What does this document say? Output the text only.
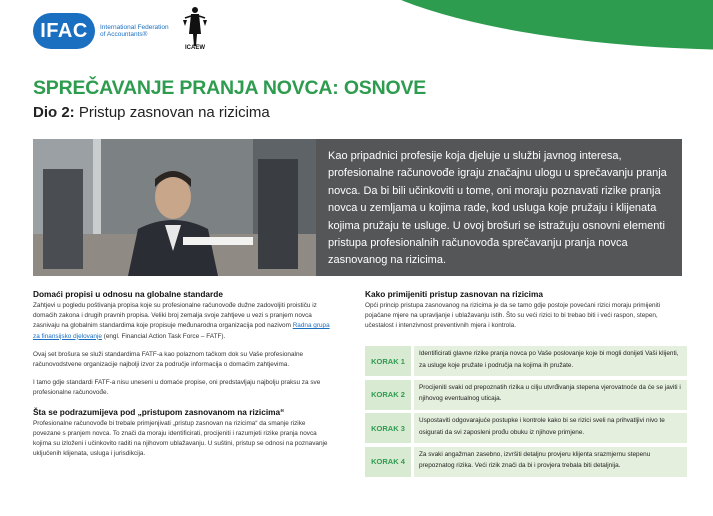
IFAC	International Federation of Accountants®
ICAEW
SPREČAVANJE PRANJA NOVCA: OSNOVE
Dio 2: Pristup zasnovan na rizicima
Kao pripadnici profesije koja djeluje u službi javnog interesa, profesionalne računovođe igraju značajnu ulogu u sprečavanju pranja novca. Da bi bili učinkoviti u tome, oni moraju poznavati rizike pranja novca u zemljama u kojima rade, kod usluga koje pružaju i klijenata kojima pružaju te usluge. U ovoj brošuri se istražuju osnovni elementi pristupa profesionalnih računovođa sprečavanju pranja novca zasnovanog na rizicima.
Domaći propisi u odnosu na globalne standarde
Zahtjevi u pogledu poštivanja propisa koje su profesionalne računovođe dužne zadovoljiti proističu iz domaćih zakona i drugih pravnih propisa. Veliki broj zemalja svoje zahtjeve u vezi s pranjem novca zasnivaju na globalnim standardima koje propisuje međunarodna organizacija pod nazivom Radna grupa za finansijsko djelovanje (engl. Financial Action Task Force – FATF).
Ovaj set brošura se služi standardima FATF-a kao polaznom tačkom dok su Vaše profesionalne računovodstvene organizacije najbolji izvor za područje informacija o domaćim zahtjevima.
I tamo gdje standardi FATF-a nisu uneseni u domaće propise, oni predstavljaju najbolju praksu za sve profesionalne računovođe.
Šta se podrazumijeva pod „pristupom zasnovanom na rizicima“
Profesionalne računovođe bi trebale primjenjivati „pristup zasnovan na rizicima“ da smanje rizike povezane s pranjem novca. To znači da moraju identificirati, procijeniti i razumjeti rizike pranja novca kojima su izloženi i učinkovito raditi na njihovom ublažavanju. U suštini, pristup se odnosi na poznavanje uključenih klijenata, usluga i jurisdikcija.
Kako primijeniti pristup zasnovan na rizicima
Opći princip pristupa zasnovanog na rizicima je da se tamo gdje postoje povećani rizici moraju primijeniti pojačane mjere na upravljanje i ublažavanju istih. Što su veći rizici to bi trebao biti i veći raspon, stepen, učestalost i intenzivnost preventivnih mjera i kontrola.
KORAK 1
Identificirati glavne rizike pranja novca po Vaše poslovanje koje bi mogli donijeti Vaši klijenti, za usluge koje pružate i područja na kojima ih pružate.
KORAK 2
Procijeniti svaki od prepoznatih rizika u cilju utvrđivanja stepena vjerovatnoće da će se javiti i njihovog eventualnog uticaja.
KORAK 3
Uspostaviti odgovarajuće postupke i kontrole kako bi se rizici sveli na prihvatljivi nivo te osigurati da svi zaposleni prođu obuku iz njihove primjene.
KORAK 4
Za svaki angažman zasebno, izvršiti detaljnu provjeru klijenta srazmjernu stepenu prepoznatog rizika. Veći rizik znači da bi i provjera trebala biti detaljnija.
